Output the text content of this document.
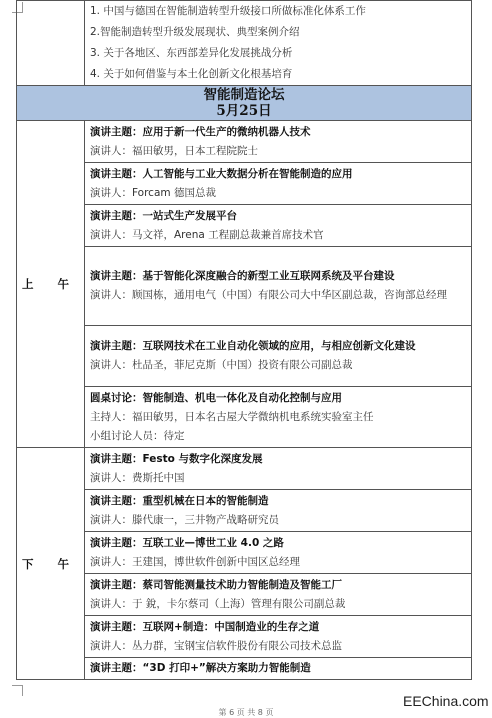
	1. 中国与德国在智能制造转型升级接口所做标准化体系工作
2.智能制造转型升级发展现状、典型案例介绍
3. 关于各地区、东西部差异化发展挑战分析
4. 关于如何借鉴与本土化创新文化根基培育

智能制造论坛
5月25日	

上 午	演讲主题：应用于新一代生产的微纳机器人技术
演讲人：福田敏男，日本工程院院士

	演讲主题：人工智能与工业大数据分析在智能制造的应用
演讲人：Forcam 德国总裁

	演讲主题：一站式生产发展平台
演讲人：马文祥，Arena 工程副总裁兼首席技术官

	演讲主题：基于智能化深度融合的新型工业互联网系统及平台建设
演讲人：顾国栋，通用电气（中国）有限公司大中华区副总裁，咨询部总经理

	演讲主题：互联网技术在工业自动化领域的应用，与相应创新文化建设
演讲人：杜品圣，菲尼克斯（中国）投资有限公司副总裁

	圆桌讨论：智能制造、机电一体化及自动化控制与应用
主持人：福田敏男，日本名古屋大学微纳机电系统实验室主任
小组讨论人员：待定

下 午	演讲主题：Festo 与数字化深度发展
演讲人：费斯托中国

	演讲主题：重型机械在日本的智能制造
演讲人：滕代康一，三井物产战略研究员

	演讲主题：互联工业—博世工业 4.0 之路
演讲人：王建国，博世软件创新中国区总经理

	演讲主题：蔡司智能测量技术助力智能制造及智能工厂
演讲人：于 銳，卡尔蔡司（上海）管理有限公司副总裁

	演讲主题：互联网+制造：中国制造业的生存之道
演讲人：丛力群，宝钢宝信软件股份有限公司技术总监

	演讲主题：“3D 打印+”解决方案助力智能制造
EEChina.com
第 6 页 共 8 页
